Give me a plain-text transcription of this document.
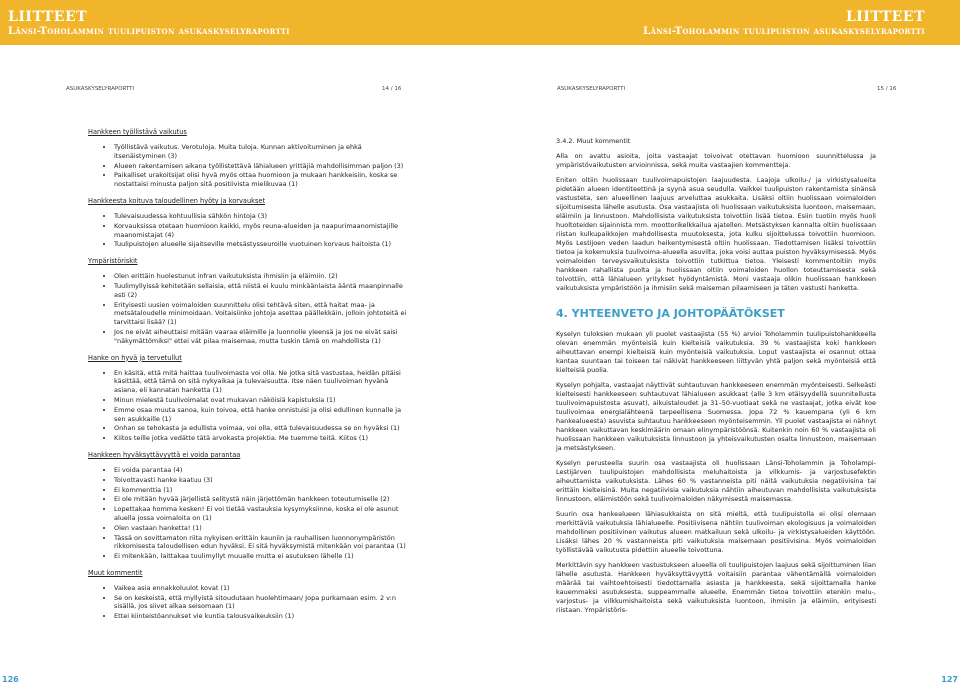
LIITTEET
Länsi-Toholammin tuulipuiston asukaskyselyraportti
LIITTEET
Länsi-Toholammin tuulipuiston asukaskyselyraportti
ASUKASKYSELYRAPORTTI	14 / 16	ASUKASKYSELYRAPORTTI	15 / 16
Hankkeen työllistävä vaikutus
• Työllistävä vaikutus. Verotuloja. Muita tuloja. Kunnan aktivoituminen ja ehkä itsenäistyminen (3)
• Alueen rakentamisen aikana työllistettävä lähialueen yrittäjiä mahdollisimman paljon (3)
• Paikalliset urakoitsijat olisi hyvä myös ottaa huomioon ja mukaan hankkeisiin, koska se nostattaisi minusta paljon sitä positiivista mielikuvaa (1)
Hankkeesta koituva taloudellinen hyöty ja korvaukset
• Tulevaisuudessa kohtuullisia sähkön hintoja (3)
• Korvauksissa otetaan huomioon kaikki, myös reuna-alueiden ja naapurimaanomistajille maanomistajat (4)
• Tuulipuistojen alueelle sijaitseville metsästysseuroille vuotuinen korvaus haitoista (1)
Ympäristöriskit
• Olen erittäin huolestunut infran vaikutuksista ihmisiin ja eläimiin. (2)
• Tuulimyllyissä kehitetään sellaisia, että niistä ei kuulu minkäänlaista ääntä maanpinnalle asti (2)
• Erityisesti uusien voimaloiden suunnittelu olisi tehtävä siten, että haitat maa- ja metsätaloudelle minimoidaan. Voitaisiinko johtoja asettaa päällekkäin, jolloin johtoteitä ei tarvittaisi lisää? (1)
• Jos ne eivät aiheuttaisi mitään vaaraa eläimille ja luonnolle yleensä ja jos ne eivät saisi "näkymättömiksi" ettei vät pilaa maisemaa, mutta tuskin tämä on mahdollista (1)
Hanke on hyvä ja tervetullut
• En käsitä, että mitä haittaa tuulivoimasta voi olla. Ne jotka sitä vastustaa, heidän pitäisi käsittää, että tämä on sitä nykyaikaa ja tulevaisuutta. Itse näen tuulivoiman hyvänä asiana, eli kannatan hanketta (1)
• Minun mielestä tuulivoimalat ovat mukavan näköisiä kapistuksia (1)
• Emme osaa muuta sanoa, kuin toivoa, että hanke onnistuisi ja olisi edullinen kunnalle ja sen asukkaille (1)
• Onhan se tehokasta ja edullista voimaa, voi olla, että tulevaisuudessa se on hyväksi (1)
• Kiitos teille jotka vedätte tätä arvokasta projektia. Me tuemme teitä. Kiitos (1)
Hankkeen hyväksyttävyyttä ei voida parantaa
• Ei voida parantaa (4)
• Toivottavasti hanke kaatuu (3)
• Ei kommenttia (1)
• Ei ole mitään hyvää järjellistä selitystä näin järjettömän hankkeen toteutumiselle (2)
• Lopettakaa homma kesken! Ei voi tietää vastauksia kysymyksiinne, koska ei ole asunut aluella jossa voimaloita on (1)
• Olen vastaan hanketta! (1)
• Tässä on sovittamaton riita nykyisen erittäin kauniin ja rauhallisen luonnonympäristön rikkomisesta taloudellisen edun hyväksi. Ei sitä hyväksymistä mitenkään voi parantaa (1)
• Ei mitenkään, laittakaa tuulimyllyt muualle mutta ei asutuksen lähelle (1)
Muut kommentit
• Vaikea asia ennakkoluulot kovat (1)
• Se on keskeistä, että myllyistä sitoudutaan huolehtimaan/ Jopa purkamaan esim. 2 v:n sisällä, jos siivet alkaa seisomaan (1)
• Ettei kiinteistöannukset vie kuntia talousvaikeuksiin (1)
3.4.2. Muut kommentit

Alla on avattu asioita, joita vastaajat toivoivat otettavan huomioon suunnittelussa ja ympäristövaikutusten arvioinnissa, sekä muita vastaajien kommentteja.

Eniten oltiin huolissaan tuulivoimapuistojen laajuudesta. Laajoja ulkoilu-/ ja virkistysalueita pidetään alueen identiteettinä ja syynä asua seudulla. Vaikkei tuulipuiston rakentamista sinänsä vastusteta, sen alueellinen laajuus arveluttaa asukkaita. Lisäksi oltiin huolissaan voimaloiden sijoitumisesta lähelle asutusta. Osa vastaajista oli huolissaan vaikutuksista luontoon, maisemaan, eläimiin ja linnustoon. Mahdollisista vaikutuksista toivottiin lisää tietoa. Esiin tuotiin myös huoli huoltoteiden sijainnista mm. moottorikelkkailua ajatellen. Metsästyksen kannalta oltiin huolissaan riistan kulkupaikkojen mahdollisesta muutoksesta, jota kulku sijoittelussa toivottiin huomioon. Myös Lestijoen veden laadun heikentymisestä oltiin huolissaan. Tiedottamisen lisäksi toivottiin tietoa ja kokemuksia tuulivoima-alueella asuvilta, joka voisi auttaa puiston hyväksymisessä. Myös voimaloiden terveysvaikutuksista toivottiin tutkittua tietoa. Yleisesti kommentoitiin myös hankkeen rahallista puolta ja huolissaan oltiin voimaloiden huollon toteuttamisesta sekä toivottiin, että lähialueen yritykset hyödyntämistä. Moni vastaaja olikin huolissaan hankkeen vaikutuksista ympäristöön ja ihmisiin sekä maiseman pilaamiseen ja täten vastusti hanketta.

4. YHTEENVETO JA JOHTOPÄÄTÖKSET

Kyselyn tuloksien mukaan yli puolet vastaajista (55 %) arvioi Toholammin tuulipuistohankkeella olevan enemmän myönteisiä kuin kielteisiä vaikutuksia. 39 % vastaajista koki hankkeen aiheuttavan enempi kielteisiä kuin myönteisiä vaikutuksia. Loput vastaajista ei osannut ottaa kantaa suuntaan tai toiseen tai näkivät hankkeeseen liittyvän yhtä paljon sekä myönteisiä että kielteisiä puolia.

Kyselyn pohjalta, vastaajat näyttivät suhtautuvan hankkeeseen enemmän myönteisesti. Selkeästi kielteisesti hankkeeseen suhtautuvat lähialueen asukkaat (alle 3 km etäisyydellä suunnitellusta tuulivoimapuistosta asuvat), aikuistaloudet ja 31–50-vuotiaat sekä ne vastaajat, jotka eivät koe tuulivoimaa energialähteenä tarpeellisena Suomessa. Jopa 72 % kauempana (yli 6 km hankealueesta) asuvista suhtautuu hankkeeseen myönteisemmin. Yli puolet vastaajista ei nähnyt hankkeen vaikuttavan keskimäärin omaan elinympäristöönsä. Kuitenkin noin 60 % vastaajista oli huolissaan hankkeen vaikutuksista linnustoon ja yhteisvaikutusten osalta linnustoon, maisemaan ja metsästykseen.

Kyselyn perusteella suurin osa vastaajista oli huolissaan Länsi-Toholammin ja Toholampi-Lestijärven tuulipuistojen mahdollisista meluhaitoista ja vilkkumis- ja varjostusefektin aiheuttamista vaikutuksista. Lähes 60 % vastanneista piti näitä vaikutuksia negatiivisina tai erittäin kielteisinä. Muita negatiivisia vaikutuksia nähtiin aiheutuvan mahdollisista vaikutuksista linnustoon, eläimistöön sekä tuulivoimaloiden näkymisestä maisemassa.

Suurin osa hankealueen lähiasukkaista on sitä mieltä, että tuulipuistolla ei olisi olemaan merkittäviä vaikutuksia lähialueelle. Positiivisena nähtiin tuulivoiman ekologisuus ja voimaloiden mahdollinen positiivinen vaikutus alueen matkailuun sekä ulkoilu- ja virkistysalueiden käyttöön. Lisäksi lähes 20 % vastanneista piti vaikutuksia maisemaan positiivisina. Myös voimaloiden työllistävää vaikutusta pidettiin alueelle toivottuna.

Merkittävin syy hankkeen vastustukseen alueella oli tuulipuistojen laajuus sekä sijoittuminen liian lähelle asutusta. Hankkeen hyväksyttävyyttä voitaisiin parantaa vähentämällä voimaloiden määrää tai vaihtoehtoisesti tiedottamalla asiasta ja hankkeesta, sekä sijoittamalla hanke kauemmaksi asutuksesta, suppeammalle alueelle. Enemmän tietoa toivottiin etenkin melu-, varjostus- ja vilkkumishaitoista sekä vaikutuksista luontoon, ihmisiin ja eläimiin, erityisesti riistaan. Ympäristöris-

126	127
